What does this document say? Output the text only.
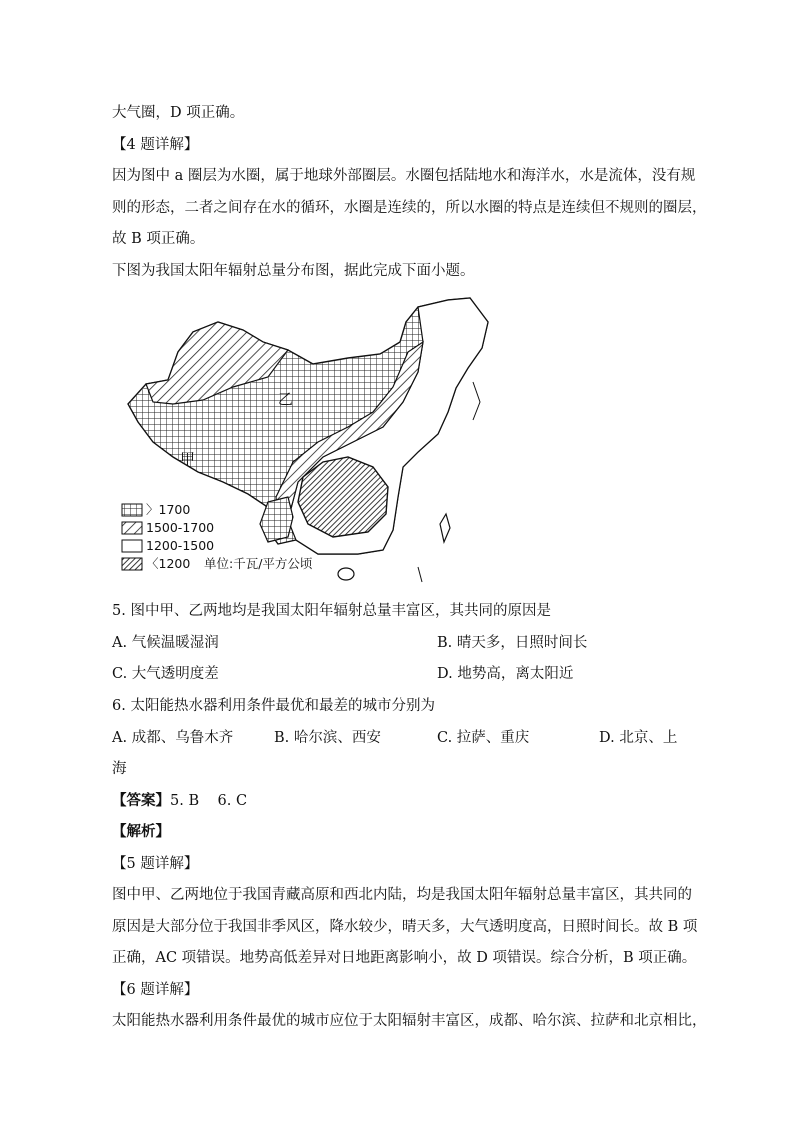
大气圈，D 项正确。
【4 题详解】
因为图中 a 圈层为水圈，属于地球外部圈层。水圈包括陆地水和海洋水，水是流体，没有规
则的形态，二者之间存在水的循环，水圈是连续的，所以水圈的特点是连续但不规则的圈层，
故 B 项正确。
下图为我国太阳年辐射总量分布图，据此完成下面小题。
甲
乙
〉1700
1500-1700
1200-1500
〈1200 单位:千瓦/平方公顷
5. 图中甲、乙两地均是我国太阳年辐射总量丰富区，其共同的原因是
A. 气候温暖湿润	B. 晴天多，日照时间长
C. 大气透明度差	D. 地势高，离太阳近
6. 太阳能热水器利用条件最优和最差的城市分别为
A. 成都、乌鲁木齐	B. 哈尔滨、西安	C. 拉萨、重庆	D. 北京、上
海
【答案】5. B    6. C
【解析】
【5 题详解】
图中甲、乙两地位于我国青藏高原和西北内陆，均是我国太阳年辐射总量丰富区，其共同的
原因是大部分位于我国非季风区，降水较少，晴天多，大气透明度高，日照时间长。故 B 项
正确，AC 项错误。地势高低差异对日地距离影响小，故 D 项错误。综合分析，B 项正确。
【6 题详解】
太阳能热水器利用条件最优的城市应位于太阳辐射丰富区，成都、哈尔滨、拉萨和北京相比，
